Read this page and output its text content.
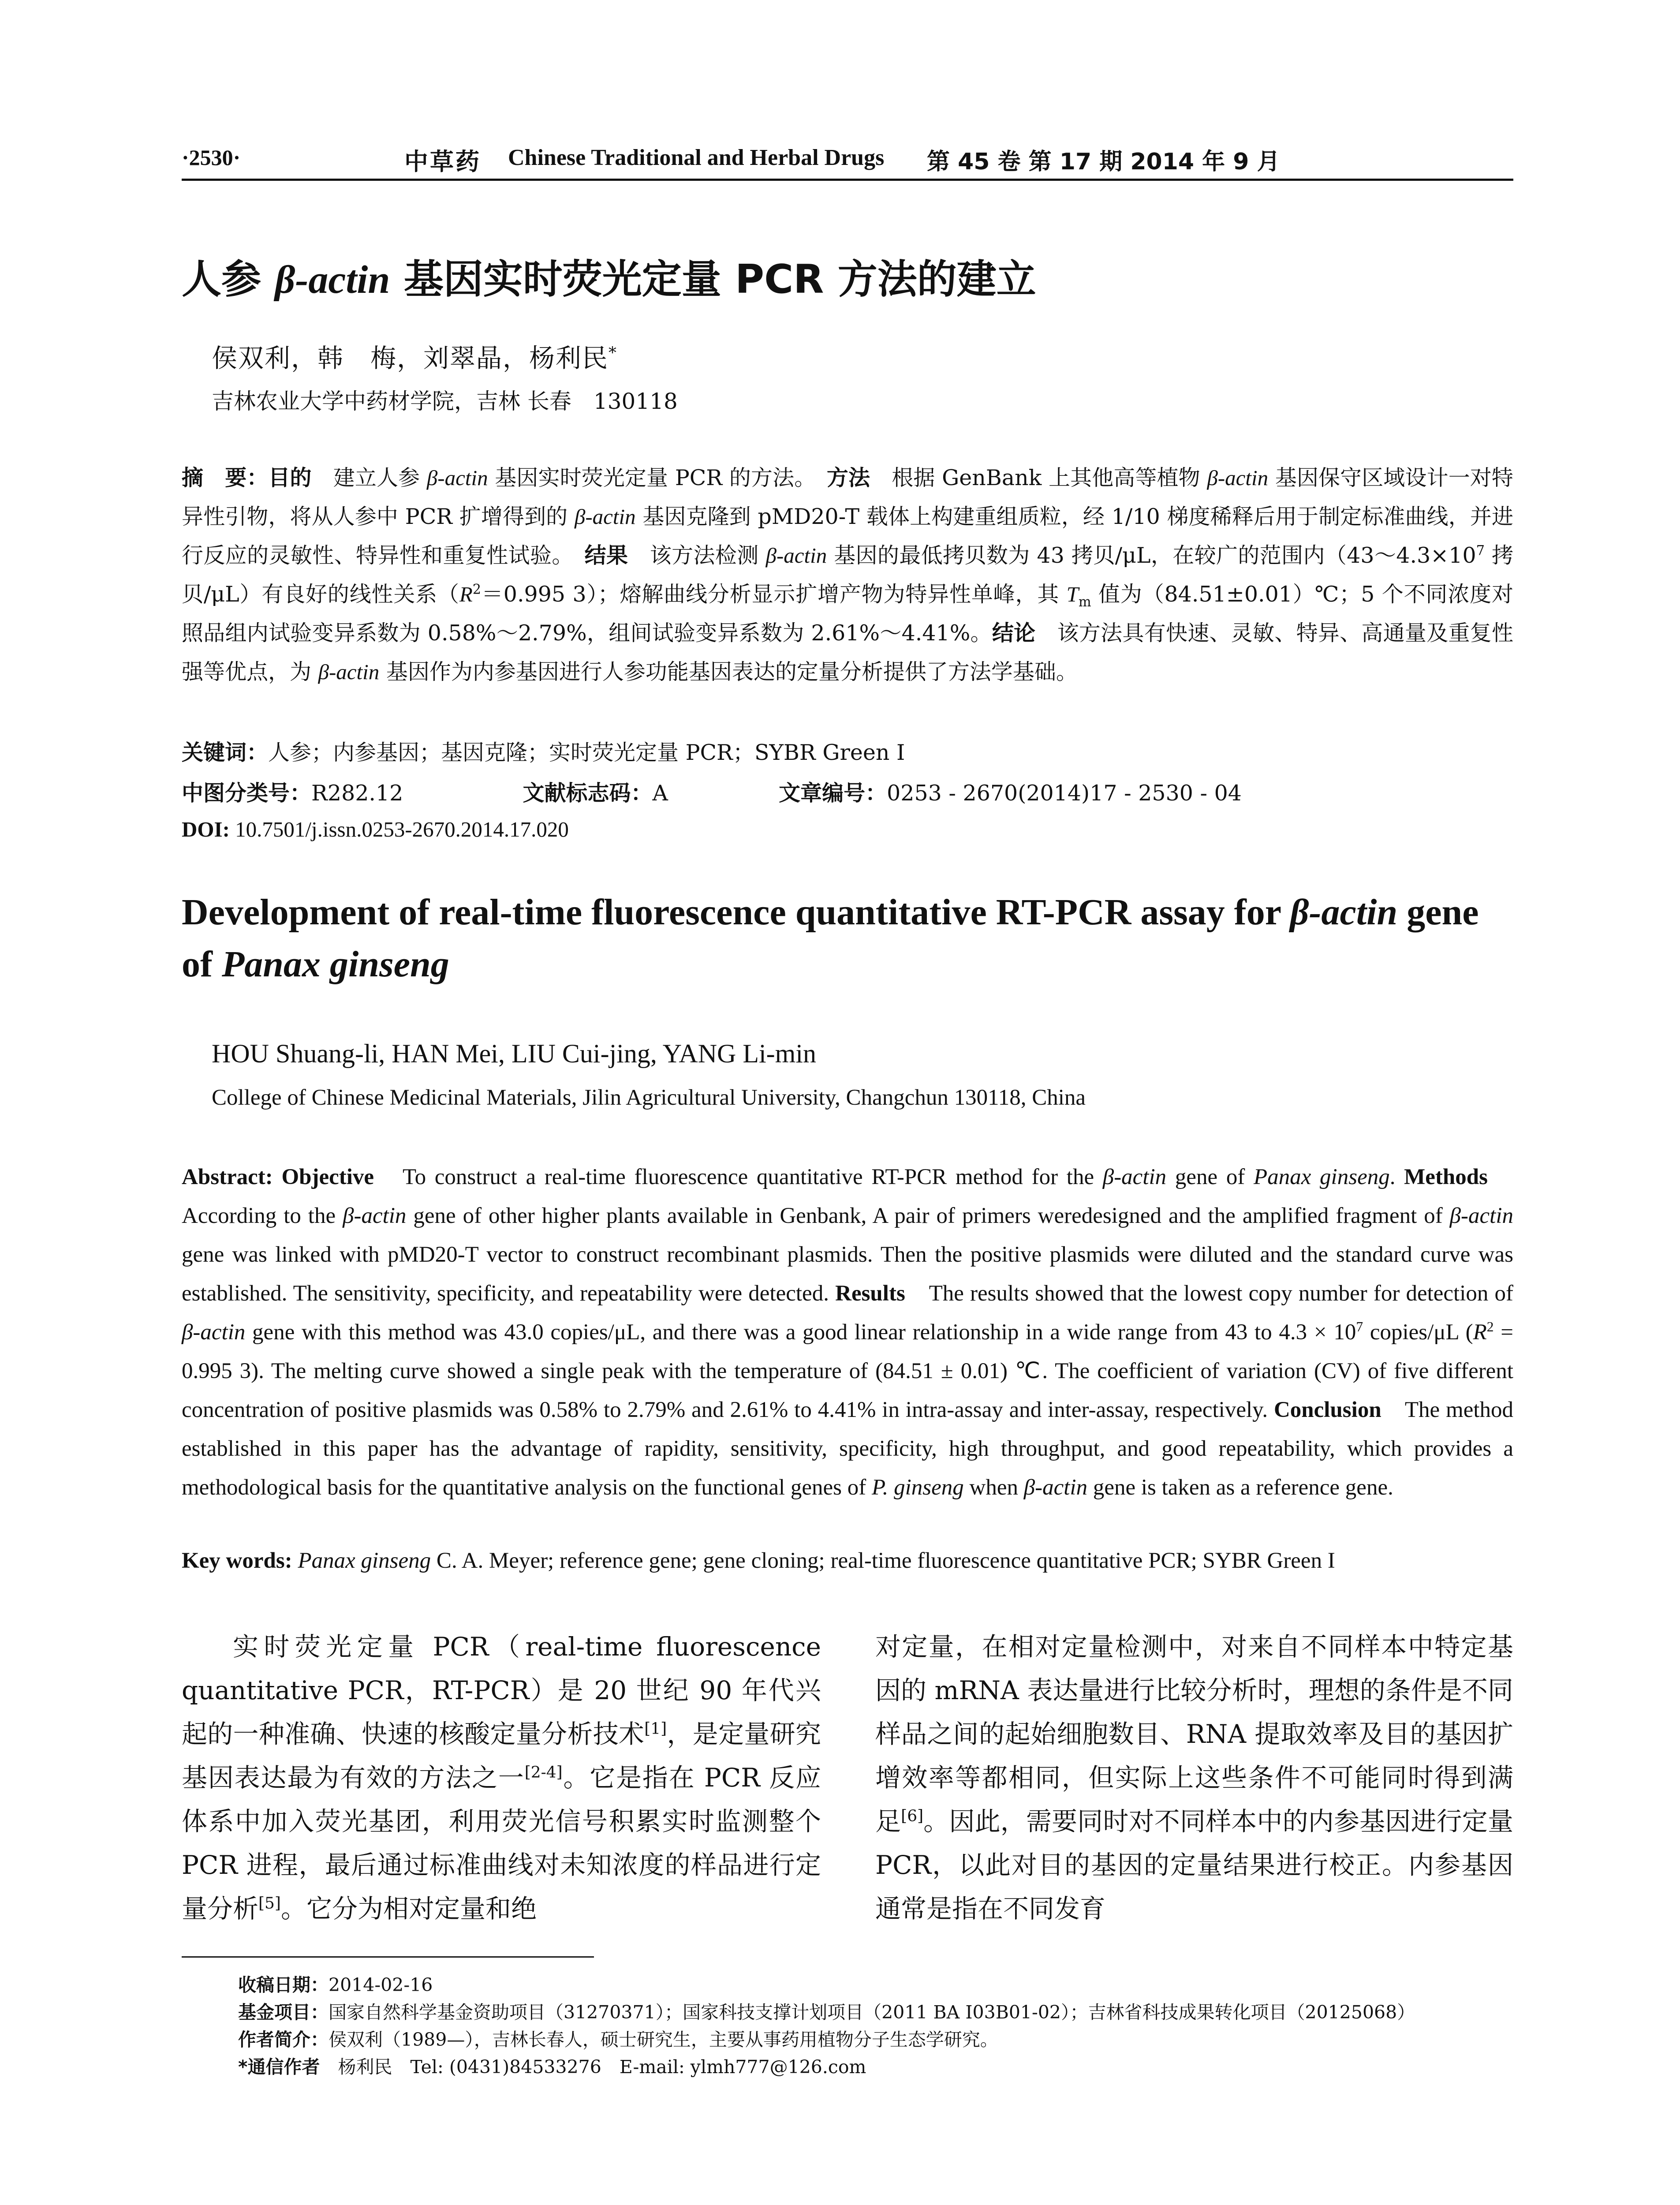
·2530·	中草药 Chinese Traditional and Herbal Drugs 第 45 卷 第 17 期 2014 年 9 月
人参 β-actin 基因实时荧光定量 PCR 方法的建立
侯双利，韩　梅，刘翠晶，杨利民*
吉林农业大学中药材学院，吉林 长春　130118
摘　要：目的　建立人参 β-actin 基因实时荧光定量 PCR 的方法。　 方法　根据 GenBank 上其他高等植物 β-actin 基因保守区域设计一对特异性引物，将从人参中 PCR 扩增得到的 β-actin 基因克隆到 pMD20-T 载体上构建重组质粒，经 1/10 梯度稀释后用于制定标准曲线，并进行反应的灵敏性、特异性和重复性试验。　 结果　该方法检测 β-actin 基因的最低拷贝数为 43 拷贝/μL，在较广的范围内（$43\sim 4.3\times 10^7$ 拷贝/μL）有良好的线性关系（$R^2=0.995$ 3）；熔解曲线分析显示扩增产物为特异性单峰，其 $T_m$ 值为（84.51±0.01）℃；5 个不同浓度对照品组内试验变异系数为 0.58%～2.79%，组间试验变异系数为 2.61%～4.41%。结论　该方法具有快速、灵敏、特异、高通量及重复性强等优点，为 β-actin 基因作为内参基因进行人参功能基因表达的定量分析提供了方法学基础。
关键词：人参；内参基因；基因克隆；实时荧光定量 PCR；SYBR Green I
中图分类号：R282.12	文献标志码：A	文章编号：0253 - 2670(2014)17 - 2530 - 04
DOI: 10.7501/j.issn.0253-2670.2014.17.020
Development of real-time fluorescence quantitative RT-PCR assay for β-actin gene of Panax ginseng
HOU Shuang-li, HAN Mei, LIU Cui-jing, YANG Li-min
College of Chinese Medicinal Materials, Jilin Agricultural University, Changchun 130118, China
Abstract: Objective　To construct a real-time fluorescence quantitative RT-PCR method for the β-actin gene of Panax ginseng. Methods　According to the β-actin gene of other higher plants available in Genbank, A pair of primers weredesigned and the amplified fragment of β-actin gene was linked with pMD20-T vector to construct recombinant plasmids. Then the positive plasmids were diluted and the standard curve was established. The sensitivity, specificity, and repeatability were detected. Results　The results showed that the lowest copy number for detection of β-actin gene with this method was 43.0 copies/μL, and there was a good linear relationship in a wide range from 43 to $4.3 \times 10^7$ copies/μL ($R^2 = 0.995$ 3). The melting curve showed a single peak with the temperature of (84.51 ± 0.01) ℃. The coefficient of variation (CV) of five different concentration of positive plasmids was 0.58% to 2.79% and 2.61% to 4.41% in intra-assay and inter-assay, respectively. Conclusion　The method established in this paper has the advantage of rapidity, sensitivity, specificity, high throughput, and good repeatability, which provides a methodological basis for the quantitative analysis on the functional genes of P. ginseng when β-actin gene is taken as a reference gene.
Key words: Panax ginseng C. A. Meyer; reference gene; gene cloning; real-time fluorescence quantitative PCR; SYBR Green I
实时荧光定量 PCR（real-time fluorescence quantitative PCR，RT-PCR）是 20 世纪 90 年代兴起的一种准确、快速的核酸定量分析技术[1]，是定量研究基因表达最为有效的方法之一[2-4]。它是指在 PCR 反应体系中加入荧光基团，利用荧光信号积累实时监测整个 PCR 进程，最后通过标准曲线对未知浓度的样品进行定量分析[5]。它分为相对定量和绝
对定量，在相对定量检测中，对来自不同样本中特定基因的 mRNA 表达量进行比较分析时，理想的条件是不同样品之间的起始细胞数目、RNA 提取效率及目的基因扩增效率等都相同，但实际上这些条件不可能同时得到满足[6]。因此，需要同时对不同样本中的内参基因进行定量 PCR，以此对目的基因的定量结果进行校正。内参基因通常是指在不同发育
收稿日期：2014-02-16
基金项目：国家自然科学基金资助项目（31270371）；国家科技支撑计划项目（2011 BA I03B01-02）；吉林省科技成果转化项目（20125068）
作者简介：侯双利（1989—），吉林长春人，硕士研究生，主要从事药用植物分子生态学研究。
*通信作者　杨利民　Tel: (0431)84533276　E-mail: ylmh777@126.com
